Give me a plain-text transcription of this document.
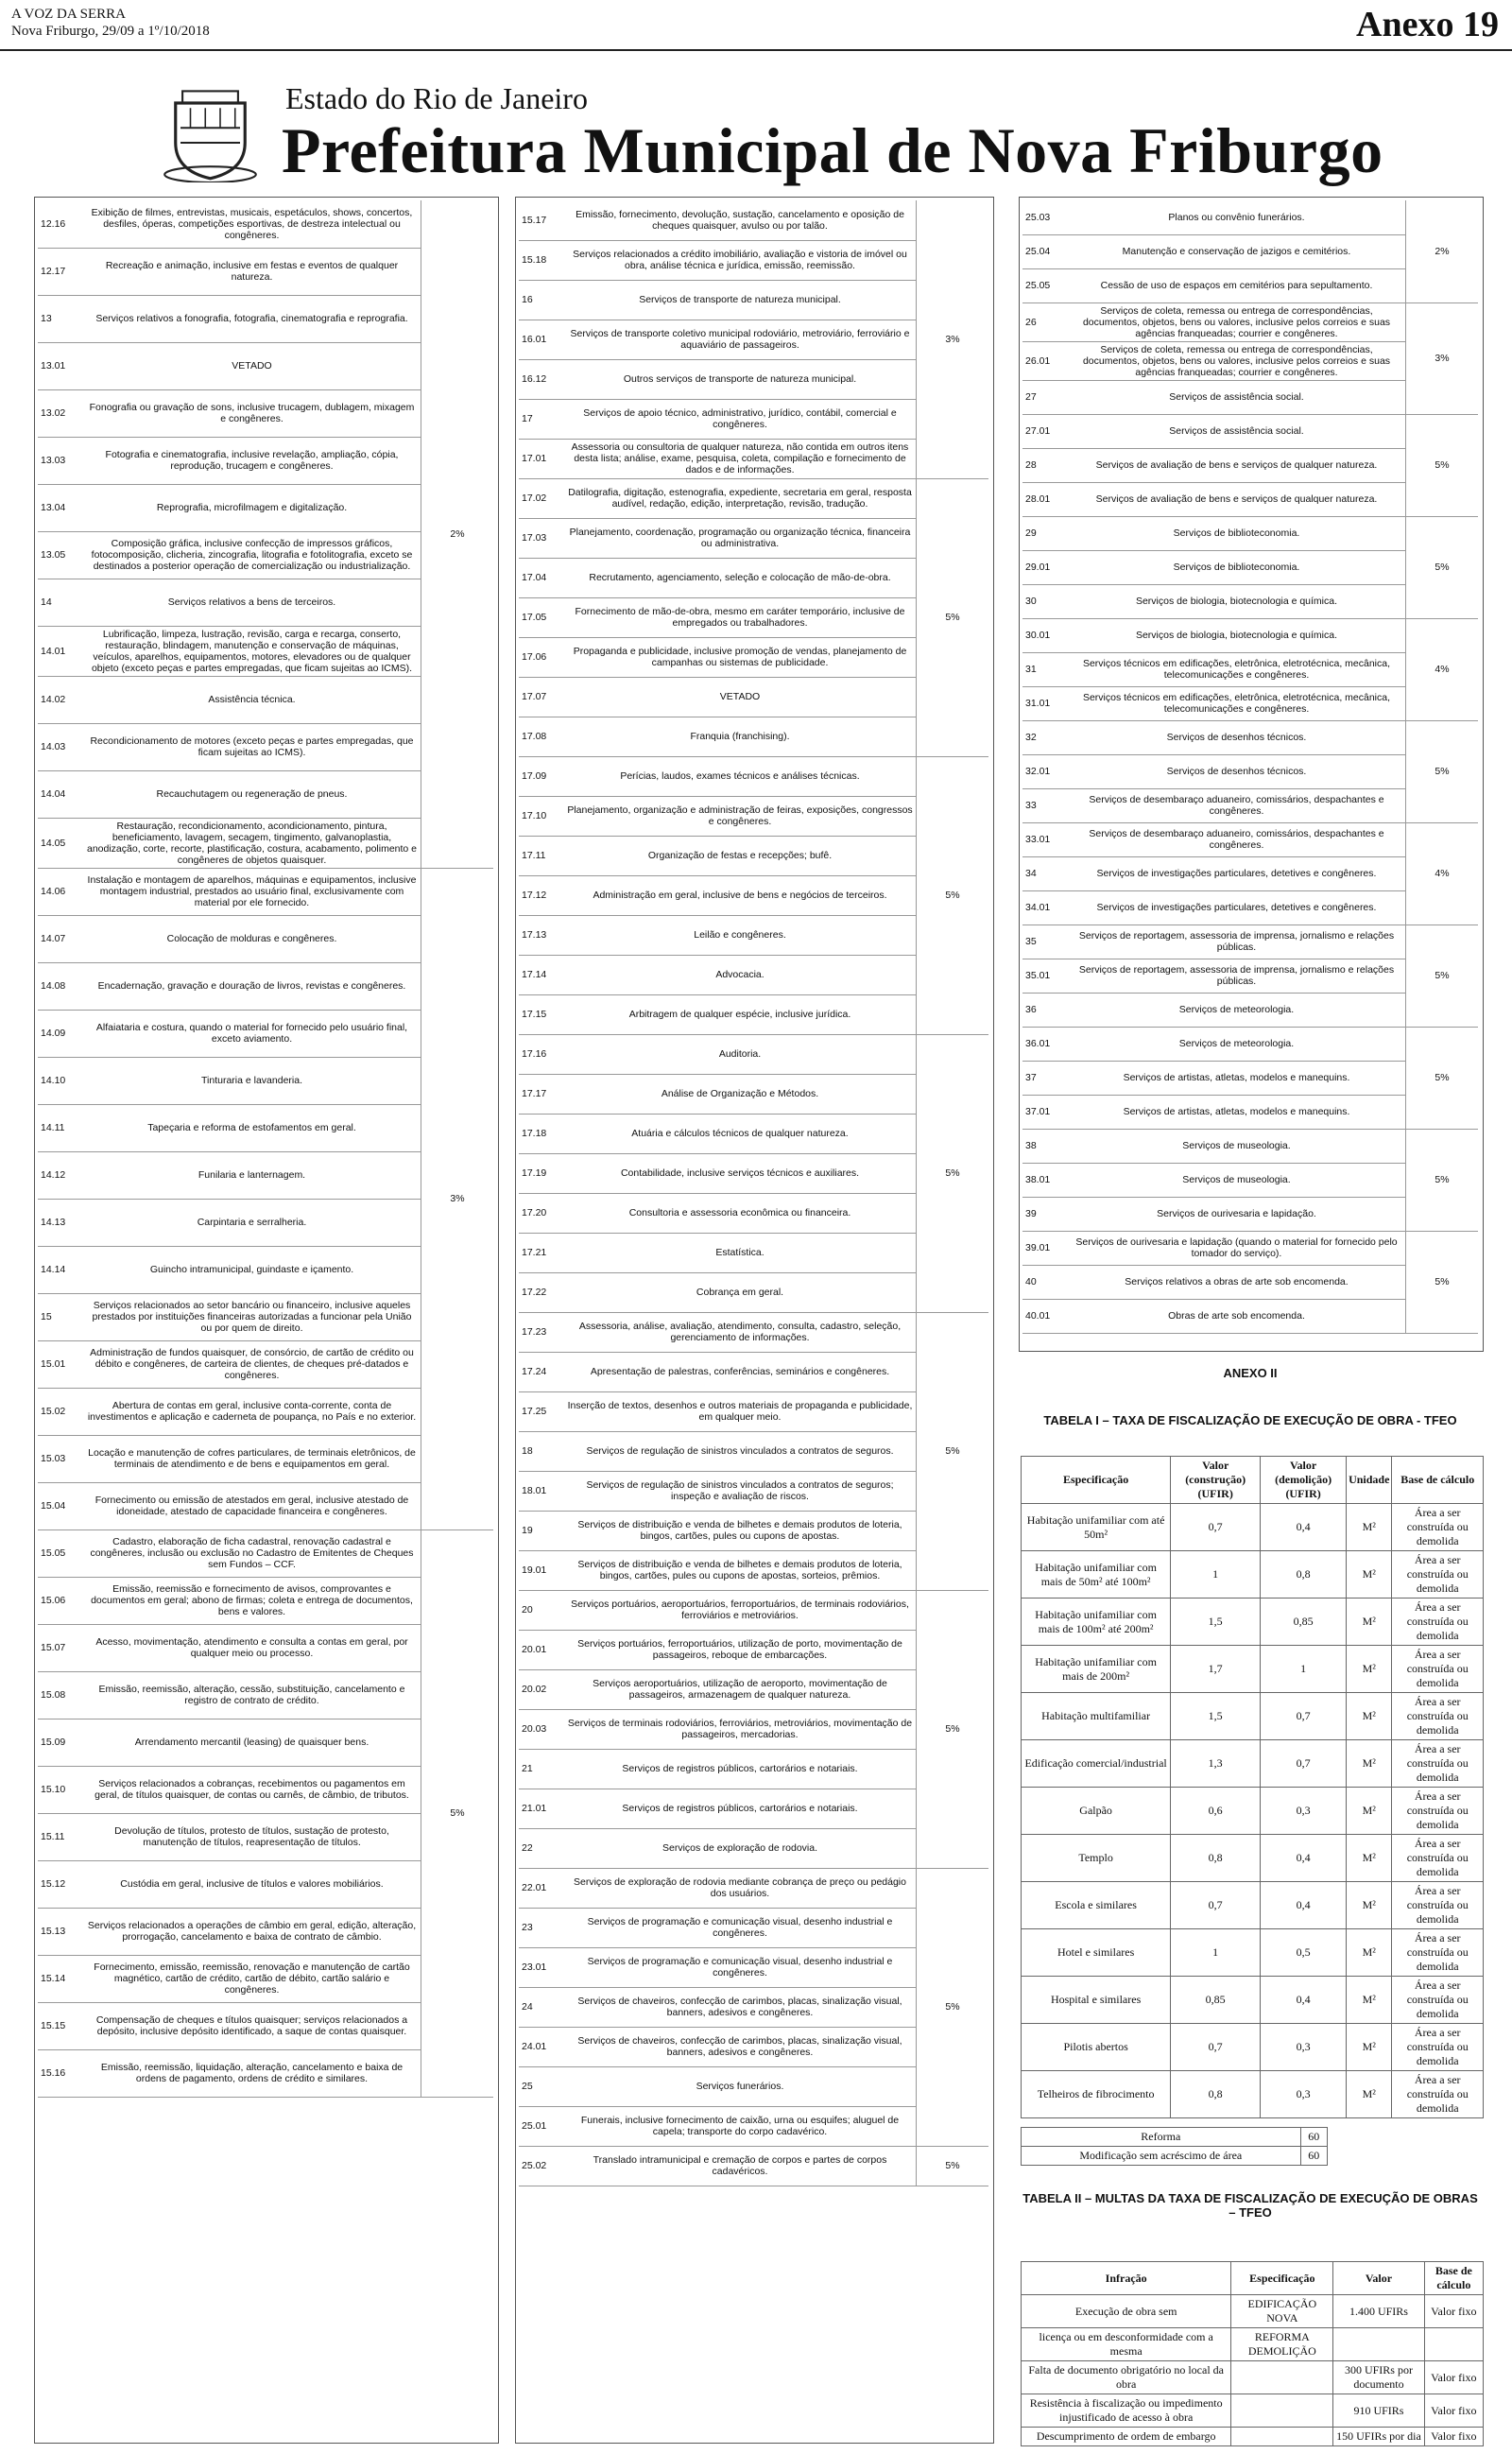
A VOZ DA SERRA
Nova Friburgo, 29/09 a 1º/10/2018	Anexo 19
Estado do Rio de Janeiro
Prefeitura Municipal de Nova Friburgo
12.16	Exibição de filmes, entrevistas, musicais, espetáculos, shows, concertos, desfiles, óperas, competições esportivas, de destreza intelectual ou congêneres.	2%
12.17	Recreação e animação, inclusive em festas e eventos de qualquer natureza.	
13	Serviços relativos a fonografia, fotografia, cinematografia e reprografia.	
13.01	VETADO	
13.02	Fonografia ou gravação de sons, inclusive trucagem, dublagem, mixagem e congêneres.	
13.03	Fotografia e cinematografia, inclusive revelação, ampliação, cópia, reprodução, trucagem e congêneres.	
13.04	Reprografia, microfilmagem e digitalização.	
13.05	Composição gráfica, inclusive confecção de impressos gráficos, fotocomposição, clicheria, zincografia, litografia e fotolitografia, exceto se destinados a posterior operação de comercialização ou industrialização.	
14	Serviços relativos a bens de terceiros.	
14.01	Lubrificação, limpeza, lustração, revisão, carga e recarga, conserto, restauração, blindagem, manutenção e conservação de máquinas, veículos, aparelhos, equipamentos, motores, elevadores ou de qualquer objeto (exceto peças e partes empregadas, que ficam sujeitas ao ICMS).	
14.02	Assistência técnica.	
14.03	Recondicionamento de motores (exceto peças e partes empregadas, que ficam sujeitas ao ICMS).	
14.04	Recauchutagem ou regeneração de pneus.	
14.05	Restauração, recondicionamento, acondicionamento, pintura, beneficiamento, lavagem, secagem, tingimento, galvanoplastia, anodização, corte, recorte, plastificação, costura, acabamento, polimento e congêneres de objetos quaisquer.	
14.06	Instalação e montagem de aparelhos, máquinas e equipamentos, inclusive montagem industrial, prestados ao usuário final, exclusivamente com material por ele fornecido.	3%
14.07	Colocação de molduras e congêneres.	
14.08	Encadernação, gravação e douração de livros, revistas e congêneres.	
14.09	Alfaiataria e costura, quando o material for fornecido pelo usuário final, exceto aviamento.	
14.10	Tinturaria e lavanderia.	
14.11	Tapeçaria e reforma de estofamentos em geral.	
14.12	Funilaria e lanternagem.	
14.13	Carpintaria e serralheria.	
14.14	Guincho intramunicipal, guindaste e içamento.	
15	Serviços relacionados ao setor bancário ou financeiro, inclusive aqueles prestados por instituições financeiras autorizadas a funcionar pela União ou por quem de direito.	
15.01	Administração de fundos quaisquer, de consórcio, de cartão de crédito ou débito e congêneres, de carteira de clientes, de cheques pré-datados e congêneres.	
15.02	Abertura de contas em geral, inclusive conta-corrente, conta de investimentos e aplicação e caderneta de poupança, no País e no exterior.	
15.03	Locação e manutenção de cofres particulares, de terminais eletrônicos, de terminais de atendimento e de bens e equipamentos em geral.	
15.04	Fornecimento ou emissão de atestados em geral, inclusive atestado de idoneidade, atestado de capacidade financeira e congêneres.	
15.05	Cadastro, elaboração de ficha cadastral, renovação cadastral e congêneres, inclusão ou exclusão no Cadastro de Emitentes de Cheques sem Fundos – CCF.	5%
15.06	Emissão, reemissão e fornecimento de avisos, comprovantes e documentos em geral; abono de firmas; coleta e entrega de documentos, bens e valores.	
15.07	Acesso, movimentação, atendimento e consulta a contas em geral, por qualquer meio ou processo.	
15.08	Emissão, reemissão, alteração, cessão, substituição, cancelamento e registro de contrato de crédito.	
15.09	Arrendamento mercantil (leasing) de quaisquer bens.	
15.10	Serviços relacionados a cobranças, recebimentos ou pagamentos em geral, de títulos quaisquer, de contas ou carnês, de câmbio, de tributos.	
15.11	Devolução de títulos, protesto de títulos, sustação de protesto, manutenção de títulos, reapresentação de títulos.	
15.12	Custódia em geral, inclusive de títulos e valores mobiliários.	
15.13	Serviços relacionados a operações de câmbio em geral, edição, alteração, prorrogação, cancelamento e baixa de contrato de câmbio.	
15.14	Fornecimento, emissão, reemissão, renovação e manutenção de cartão magnético, cartão de crédito, cartão de débito, cartão salário e congêneres.	
15.15	Compensação de cheques e títulos quaisquer; serviços relacionados a depósito, inclusive depósito identificado, a saque de contas quaisquer.	
15.16	Emissão, reemissão, liquidação, alteração, cancelamento e baixa de ordens de pagamento, ordens de crédito e similares.	
15.17	Emissão, fornecimento, devolução, sustação, cancelamento e oposição de cheques quaisquer, avulso ou por talão.	3%
15.18	Serviços relacionados a crédito imobiliário, avaliação e vistoria de imóvel ou obra, análise técnica e jurídica, emissão, reemissão.	
16	Serviços de transporte de natureza municipal.	
16.01	Serviços de transporte coletivo municipal rodoviário, metroviário, ferroviário e aquaviário de passageiros.	
16.12	Outros serviços de transporte de natureza municipal.	
17	Serviços de apoio técnico, administrativo, jurídico, contábil, comercial e congêneres.	
17.01	Assessoria ou consultoria de qualquer natureza, não contida em outros itens desta lista; análise, exame, pesquisa, coleta, compilação e fornecimento de dados e de informações.	
17.02	Datilografia, digitação, estenografia, expediente, secretaria em geral, resposta audível, redação, edição, interpretação, revisão, tradução.	5%
17.03	Planejamento, coordenação, programação ou organização técnica, financeira ou administrativa.	
17.04	Recrutamento, agenciamento, seleção e colocação de mão-de-obra.	
17.05	Fornecimento de mão-de-obra, mesmo em caráter temporário, inclusive de empregados ou trabalhadores.	
17.06	Propaganda e publicidade, inclusive promoção de vendas, planejamento de campanhas ou sistemas de publicidade.	
17.07	VETADO	
17.08	Franquia (franchising).	
17.09	Perícias, laudos, exames técnicos e análises técnicas.	5%
17.10	Planejamento, organização e administração de feiras, exposições, congressos e congêneres.	
17.11	Organização de festas e recepções; bufê.	
17.12	Administração em geral, inclusive de bens e negócios de terceiros.	
17.13	Leilão e congêneres.	
17.14	Advocacia.	
17.15	Arbitragem de qualquer espécie, inclusive jurídica.	
17.16	Auditoria.	5%
17.17	Análise de Organização e Métodos.	
17.18	Atuária e cálculos técnicos de qualquer natureza.	
17.19	Contabilidade, inclusive serviços técnicos e auxiliares.	
17.20	Consultoria e assessoria econômica ou financeira.	
17.21	Estatística.	
17.22	Cobrança em geral.	
17.23	Assessoria, análise, avaliação, atendimento, consulta, cadastro, seleção, gerenciamento de informações.	5%
17.24	Apresentação de palestras, conferências, seminários e congêneres.	
17.25	Inserção de textos, desenhos e outros materiais de propaganda e publicidade, em qualquer meio.	
18	Serviços de regulação de sinistros vinculados a contratos de seguros.	
18.01	Serviços de regulação de sinistros vinculados a contratos de seguros; inspeção e avaliação de riscos.	
19	Serviços de distribuição e venda de bilhetes e demais produtos de loteria, bingos, cartões, pules ou cupons de apostas.	
19.01	Serviços de distribuição e venda de bilhetes e demais produtos de loteria, bingos, cartões, pules ou cupons de apostas, sorteios, prêmios.	
20	Serviços portuários, aeroportuários, ferroportuários, de terminais rodoviários, ferroviários e metroviários.	5%
20.01	Serviços portuários, ferroportuários, utilização de porto, movimentação de passageiros, reboque de embarcações.	
20.02	Serviços aeroportuários, utilização de aeroporto, movimentação de passageiros, armazenagem de qualquer natureza.	
20.03	Serviços de terminais rodoviários, ferroviários, metroviários, movimentação de passageiros, mercadorias.	
21	Serviços de registros públicos, cartorários e notariais.	
21.01	Serviços de registros públicos, cartorários e notariais.	
22	Serviços de exploração de rodovia.	
22.01	Serviços de exploração de rodovia mediante cobrança de preço ou pedágio dos usuários.	5%
23	Serviços de programação e comunicação visual, desenho industrial e congêneres.	
23.01	Serviços de programação e comunicação visual, desenho industrial e congêneres.	
24	Serviços de chaveiros, confecção de carimbos, placas, sinalização visual, banners, adesivos e congêneres.	
24.01	Serviços de chaveiros, confecção de carimbos, placas, sinalização visual, banners, adesivos e congêneres.	
25	Serviços funerários.	
25.01	Funerais, inclusive fornecimento de caixão, urna ou esquifes; aluguel de capela; transporte do corpo cadavérico.	
25.02	Translado intramunicipal e cremação de corpos e partes de corpos cadavéricos.	5%
25.03	Planos ou convênio funerários.	2%
25.04	Manutenção e conservação de jazigos e cemitérios.	
25.05	Cessão de uso de espaços em cemitérios para sepultamento.	
26	Serviços de coleta, remessa ou entrega de correspondências, documentos, objetos, bens ou valores, inclusive pelos correios e suas agências franqueadas; courrier e congêneres.	3%
26.01	Serviços de coleta, remessa ou entrega de correspondências, documentos, objetos, bens ou valores, inclusive pelos correios e suas agências franqueadas; courrier e congêneres.	
27	Serviços de assistência social.	
27.01	Serviços de assistência social.	5%
28	Serviços de avaliação de bens e serviços de qualquer natureza.	
28.01	Serviços de avaliação de bens e serviços de qualquer natureza.	
29	Serviços de biblioteconomia.	5%
29.01	Serviços de biblioteconomia.	
30	Serviços de biologia, biotecnologia e química.	
30.01	Serviços de biologia, biotecnologia e química.	4%
31	Serviços técnicos em edificações, eletrônica, eletrotécnica, mecânica, telecomunicações e congêneres.	
31.01	Serviços técnicos em edificações, eletrônica, eletrotécnica, mecânica, telecomunicações e congêneres.	
32	Serviços de desenhos técnicos.	5%
32.01	Serviços de desenhos técnicos.	
33	Serviços de desembaraço aduaneiro, comissários, despachantes e congêneres.	
33.01	Serviços de desembaraço aduaneiro, comissários, despachantes e congêneres.	4%
34	Serviços de investigações particulares, detetives e congêneres.	
34.01	Serviços de investigações particulares, detetives e congêneres.	
35	Serviços de reportagem, assessoria de imprensa, jornalismo e relações públicas.	5%
35.01	Serviços de reportagem, assessoria de imprensa, jornalismo e relações públicas.	
36	Serviços de meteorologia.	
36.01	Serviços de meteorologia.	5%
37	Serviços de artistas, atletas, modelos e manequins.	
37.01	Serviços de artistas, atletas, modelos e manequins.	
38	Serviços de museologia.	5%
38.01	Serviços de museologia.	
39	Serviços de ourivesaria e lapidação.	
39.01	Serviços de ourivesaria e lapidação (quando o material for fornecido pelo tomador do serviço).	5%
40	Serviços relativos a obras de arte sob encomenda.	
40.01	Obras de arte sob encomenda.	
ANEXO II
TABELA I – TAXA DE FISCALIZAÇÃO DE EXECUÇÃO DE OBRA - TFEO
Especificação	Valor (construção) (UFIR)	Valor (demolição) (UFIR)	Unidade	Base de cálculo
Habitação unifamiliar com até 50m²	0,7	0,4	M²	Área a ser construída ou demolida
Habitação unifamiliar com mais de 50m² até 100m²	1	0,8	M²	Área a ser construída ou demolida
Habitação unifamiliar com mais de 100m² até 200m²	1,5	0,85	M²	Área a ser construída ou demolida
Habitação unifamiliar com mais de 200m²	1,7	1	M²	Área a ser construída ou demolida
Habitação multifamiliar	1,5	0,7	M²	Área a ser construída ou demolida
Edificação comercial/industrial	1,3	0,7	M²	Área a ser construída ou demolida
Galpão	0,6	0,3	M²	Área a ser construída ou demolida
Templo	0,8	0,4	M²	Área a ser construída ou demolida
Escola e similares	0,7	0,4	M²	Área a ser construída ou demolida
Hotel e similares	1	0,5	M²	Área a ser construída ou demolida
Hospital e similares	0,85	0,4	M²	Área a ser construída ou demolida
Pilotis abertos	0,7	0,3	M²	Área a ser construída ou demolida
Telheiros de fibrocimento	0,8	0,3	M²	Área a ser construída ou demolida
Reforma	60
Modificação sem acréscimo de área	60
TABELA II – MULTAS DA TAXA DE FISCALIZAÇÃO DE EXECUÇÃO DE OBRAS – TFEO
Infração	Especificação	Valor	Base de cálculo
Execução de obra sem	EDIFICAÇÃO NOVA	1.400 UFIRs	Valor fixo
licença ou em desconformidade com a mesma	REFORMA DEMOLIÇÃO		
Falta de documento obrigatório no local da obra		300 UFIRs por documento	Valor fixo
Resistência à fiscalização ou impedimento injustificado de acesso à obra		910 UFIRs	Valor fixo
Descumprimento de ordem de embargo		150 UFIRs por dia	Valor fixo
